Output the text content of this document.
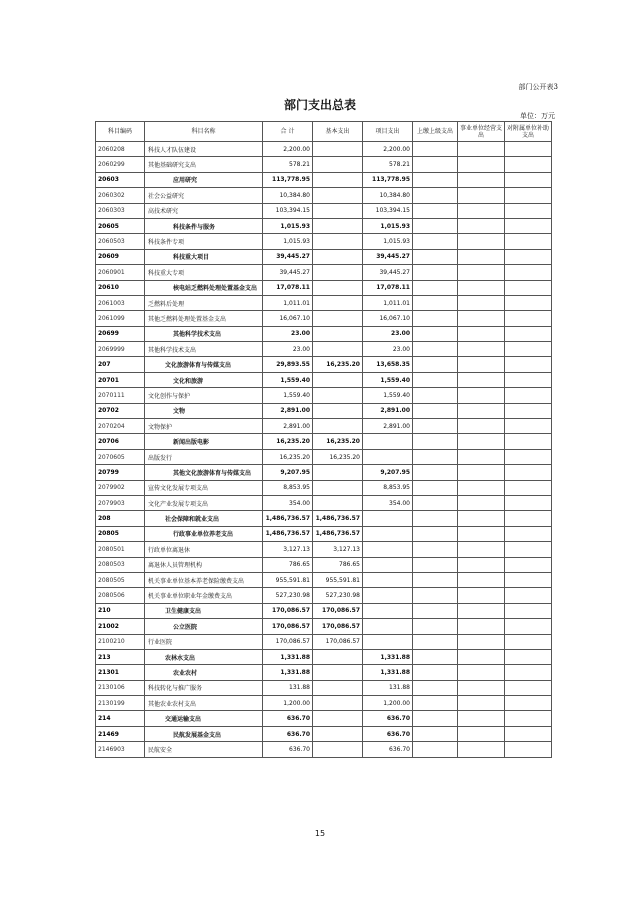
部门公开表3
部门支出总表
单位：万元
科目编码	科目名称	合 计	基本支出	项目支出	上缴上级支出	事业单位经营支出	对附属单位补助支出
2060208	科技人才队伍建设	2,200.00		2,200.00			
2060299	其他基础研究支出	578.21		578.21			
20603	应用研究	113,778.95		113,778.95			
2060302	社会公益研究	10,384.80		10,384.80			
2060303	高技术研究	103,394.15		103,394.15			
20605	科技条件与服务	1,015.93		1,015.93			
2060503	科技条件专项	1,015.93		1,015.93			
20609	科技重大项目	39,445.27		39,445.27			
2060901	科技重大专项	39,445.27		39,445.27			
20610	核电站乏燃料处理处置基金支出	17,078.11		17,078.11			
2061003	乏燃料后处理	1,011.01		1,011.01			
2061099	其他乏燃料处理处置基金支出	16,067.10		16,067.10			
20699	其他科学技术支出	23.00		23.00			
2069999	其他科学技术支出	23.00		23.00			
207	文化旅游体育与传媒支出	29,893.55	16,235.20	13,658.35			
20701	文化和旅游	1,559.40		1,559.40			
2070111	文化创作与保护	1,559.40		1,559.40			
20702	文物	2,891.00		2,891.00			
2070204	文物保护	2,891.00		2,891.00			
20706	新闻出版电影	16,235.20	16,235.20				
2070605	出版发行	16,235.20	16,235.20				
20799	其他文化旅游体育与传媒支出	9,207.95		9,207.95			
2079902	宣传文化发展专项支出	8,853.95		8,853.95			
2079903	文化产业发展专项支出	354.00		354.00			
208	社会保障和就业支出	1,486,736.57	1,486,736.57				
20805	行政事业单位养老支出	1,486,736.57	1,486,736.57				
2080501	行政单位离退休	3,127.13	3,127.13				
2080503	离退休人员管理机构	786.65	786.65				
2080505	机关事业单位基本养老保险缴费支出	955,591.81	955,591.81				
2080506	机关事业单位职业年金缴费支出	527,230.98	527,230.98				
210	卫生健康支出	170,086.57	170,086.57				
21002	公立医院	170,086.57	170,086.57				
2100210	行业医院	170,086.57	170,086.57				
213	农林水支出	1,331.88		1,331.88			
21301	农业农村	1,331.88		1,331.88			
2130106	科技转化与推广服务	131.88		131.88			
2130199	其他农业农村支出	1,200.00		1,200.00			
214	交通运输支出	636.70		636.70			
21469	民航发展基金支出	636.70		636.70			
2146903	民航安全	636.70		636.70			
15
